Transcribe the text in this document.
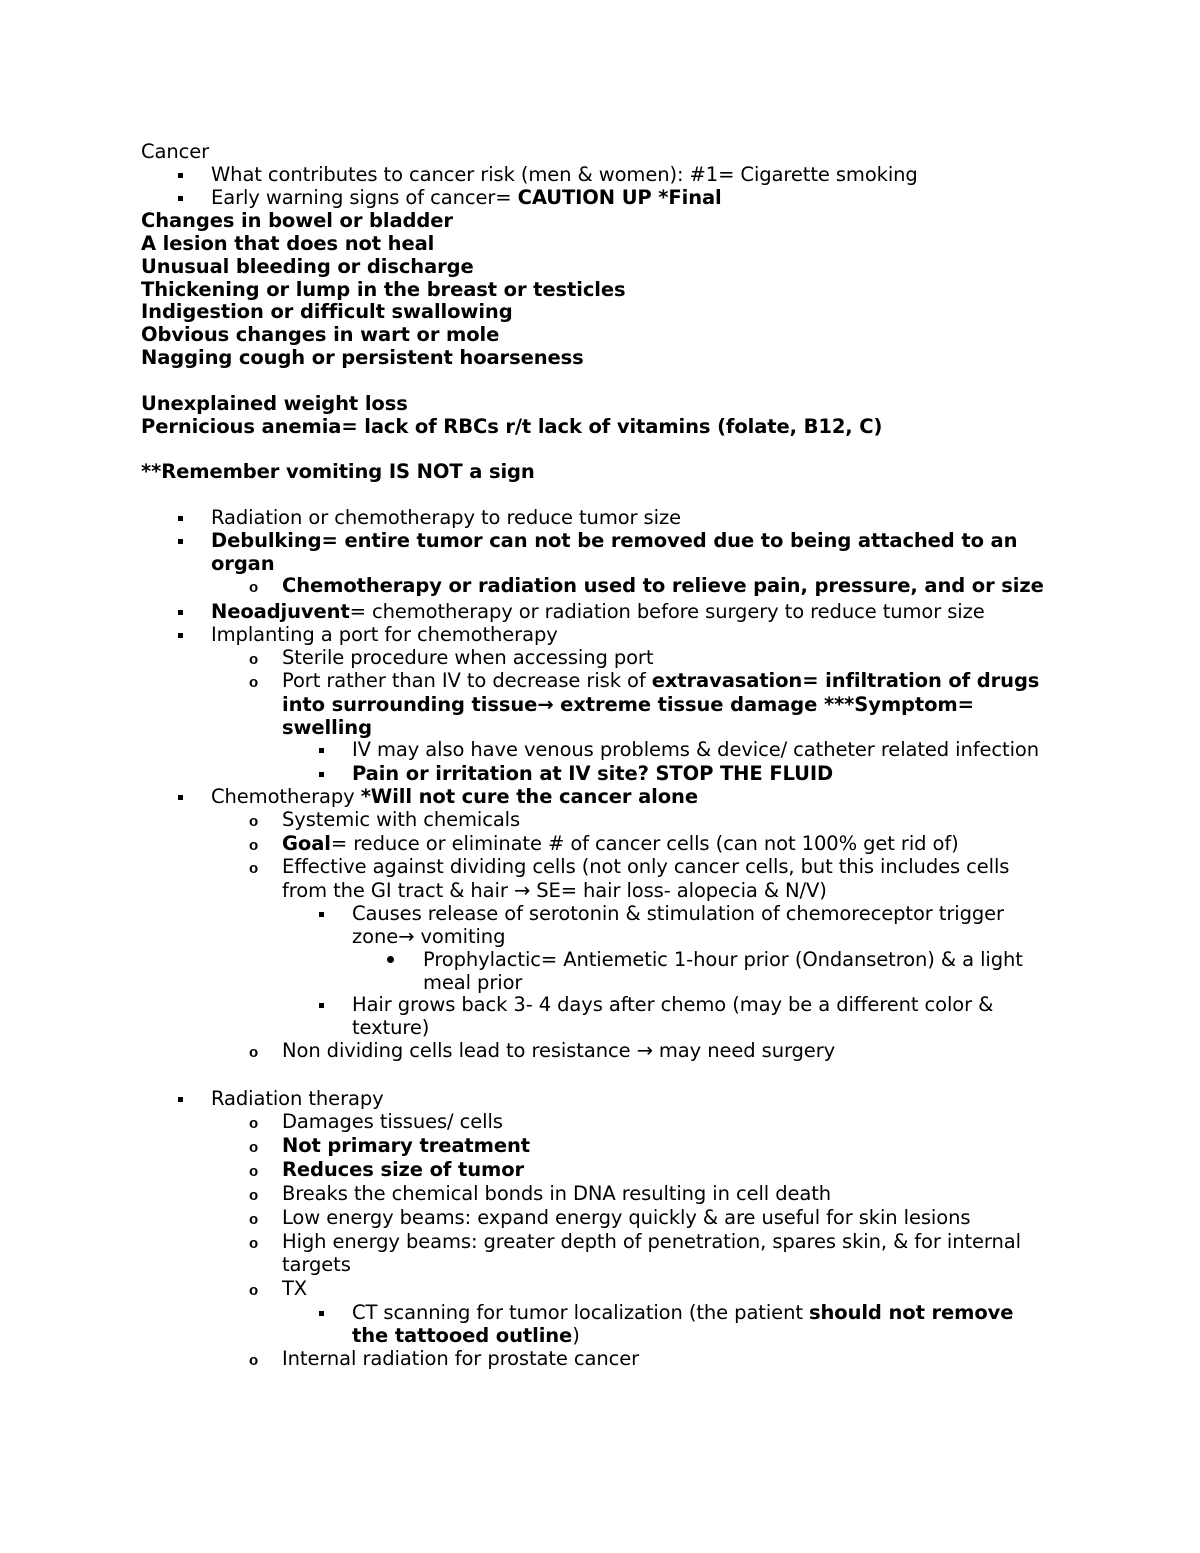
Cancer
What contributes to cancer risk (men & women): #1= Cigarette smoking
Early warning signs of cancer= CAUTION UP *Final
Changes in bowel or bladder
A lesion that does not heal
Unusual bleeding or discharge
Thickening or lump in the breast or testicles
Indigestion or difficult swallowing
Obvious changes in wart or mole
Nagging cough or persistent hoarseness
Unexplained weight loss
Pernicious anemia= lack of RBCs r/t lack of vitamins (folate, B12, C)
**Remember vomiting IS NOT a sign
Radiation or chemotherapy to reduce tumor size
Debulking= entire tumor can not be removed due to being attached to an
organ
o Chemotherapy or radiation used to relieve pain, pressure, and or size
Neoadjuvent= chemotherapy or radiation before surgery to reduce tumor size
Implanting a port for chemotherapy
o Sterile procedure when accessing port
o Port rather than IV to decrease risk of extravasation= infiltration of drugs
into surrounding tissue→ extreme tissue damage ***Symptom=
swelling
IV may also have venous problems & device/ catheter related infection
Pain or irritation at IV site? STOP THE FLUID
Chemotherapy *Will not cure the cancer alone
o Systemic with chemicals
o Goal= reduce or eliminate # of cancer cells (can not 100% get rid of)
o Effective against dividing cells (not only cancer cells, but this includes cells
from the GI tract & hair → SE= hair loss- alopecia & N/V)
Causes release of serotonin & stimulation of chemoreceptor trigger
zone→ vomiting
Prophylactic= Antiemetic 1-hour prior (Ondansetron) & a light
meal prior
Hair grows back 3- 4 days after chemo (may be a different color &
texture)
o Non dividing cells lead to resistance → may need surgery
Radiation therapy
o Damages tissues/ cells
o Not primary treatment
o Reduces size of tumor
o Breaks the chemical bonds in DNA resulting in cell death
o Low energy beams: expand energy quickly & are useful for skin lesions
o High energy beams: greater depth of penetration, spares skin, & for internal
targets
o TX
CT scanning for tumor localization (the patient should not remove
the tattooed outline)
o Internal radiation for prostate cancer
